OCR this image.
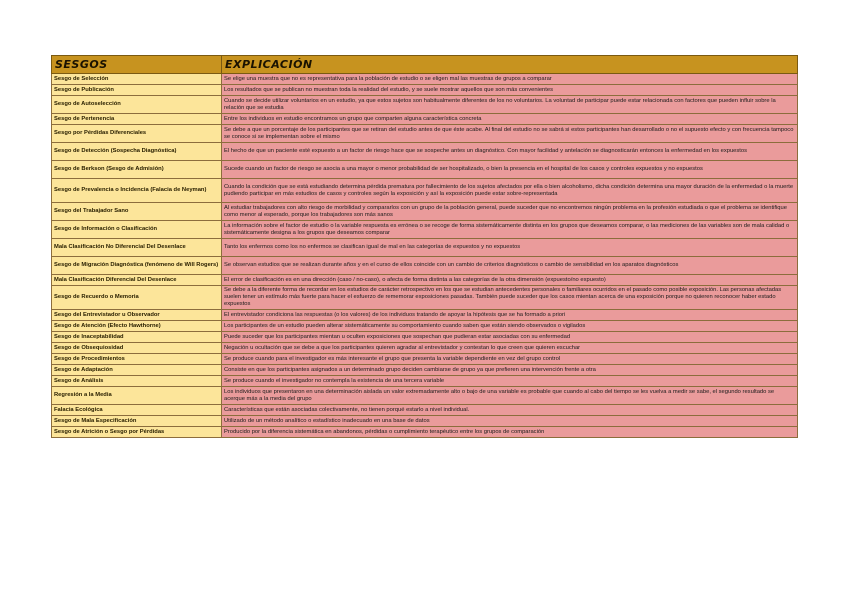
SESGOS	EXPLICACIÓN
Sesgo de Selección	Se elige una muestra que no es representativa para la población de estudio o se eligen mal las muestras de grupos a comparar
Sesgo de Publicación	Los resultados que se publican no muestran toda la realidad del estudio, y se suele mostrar aquellos que son más convenientes
Sesgo de Autoselección	Cuando se decide utilizar voluntarios en un estudio, ya que estos sujetos son habitualmente diferentes de los no voluntarios. La voluntad de participar puede estar relacionada con factores que pueden influir sobre la relación que se estudia
Sesgo de Pertenencia	Entre los individuos en estudio encontramos un grupo que comparten alguna característica concreta
Sesgo por Pérdidas Diferenciales	Se debe a que un porcentaje de los participantes que se retiran del estudio antes de que éste acabe. Al final del estudio no se sabrá si estos participantes han desarrollado o no el supuesto efecto y con frecuencia tampoco se conoce si se implementan sobre el mismo
Sesgo de Detección (Sospecha Diagnóstica)	El hecho de que un paciente esté expuesto a un factor de riesgo hace que se sospeche antes un diagnóstico. Con mayor facilidad y antelación se diagnosticarán entonces la enfermedad en los expuestos
Sesgo de Berkson (Sesgo de Admisión)	Sucede cuando un factor de riesgo se asocia a una mayor o menor probabilidad de ser hospitalizado, o bien la presencia en el hospital de los casos y controles expuestos y no expuestos
Sesgo de Prevalencia o Incidencia (Falacia de Neyman)	Cuando la condición que se está estudiando determina pérdida prematura por fallecimiento de los sujetos afectados por ella o bien alcoholismo, dicha condición determina una mayor duración de la enfermedad o la muerte pudiendo participar en más estudios de casos y controles según la exposición y así la exposición puede estar sobre-representada
Sesgo del Trabajador Sano	Al estudiar trabajadores con alto riesgo de morbilidad y compararlos con un grupo de la población general, puede suceder que no encontremos ningún problema en la profesión estudiada o que el problema se identifique como menor al esperado, porque los trabajadores son más sanos
Sesgo de Información o Clasificación	La información sobre el factor de estudio o la variable respuesta es errónea o se recoge de forma sistemáticamente distinta en los grupos que deseamos comparar, o las mediciones de las variables son de mala calidad o sistemáticamente designa a los grupos que deseamos comparar
Mala Clasificación No Diferencial Del Desenlace	Tanto los enfermos como los no enfermos se clasifican igual de mal en las categorías de expuestos y no expuestos
Sesgo de Migración Diagnóstica (fenómeno de Will Rogers)	Se observan estudios que se realizan durante años y en el curso de ellos coincide con un cambio de criterios diagnósticos o cambio de sensibilidad en los aparatos diagnósticos
Mala Clasificación Diferencial Del Desenlace	El error de clasificación es en una dirección (caso / no-caso), o afecta de forma distinta a las categorías de la otra dimensión (expuesto/no expuesto)
Sesgo de Recuerdo o Memoria	Se debe a la diferente forma de recordar en los estudios de carácter retrospectivo en los que se estudian antecedentes personales o familiares ocurridos en el pasado como posible exposición. Las personas afectadas suelen tener un estímulo más fuerte para hacer el esfuerzo de rememorar exposiciones pasadas. También puede suceder que los casos mientan acerca de una exposición porque no quieren reconocer haber estado expuestos
Sesgo del Entrevistador u Observador	El entrevistador condiciona las respuestas (o los valores) de los individuos tratando de apoyar la hipótesis que se ha formado a priori
Sesgo de Atención (Efecto Hawthorne)	Los participantes de un estudio pueden alterar sistemáticamente su comportamiento cuando saben que están siendo observados o vigilados
Sesgo de Inaceptabilidad	Puede suceder que los participantes mientan u oculten exposiciones que sospechan que pudieran estar asociadas con su enfermedad
Sesgo de Obsequiosidad	Negación u ocultación que se debe a que los participantes quieren agradar al entrevistador y contestan lo que creen que quieren escuchar
Sesgo de Procedimientos	Se produce cuando para el investigador es más interesante el grupo que presenta la variable dependiente en vez del grupo control
Sesgo de Adaptación	Consiste en que los participantes asignados a un determinado grupo deciden cambiarse de grupo ya que prefieren una intervención frente a otra
Sesgo de Análisis	Se produce cuando el investigador no contempla la existencia de una tercera variable
Regresión a la Media	Los individuos que presentaron en una determinación aislada un valor extremadamente alto o bajo de una variable es probable que cuando al cabo del tiempo se les vuelva a medir se sabe, el segundo resultado se acerque más a la media del grupo
Falacia Ecológica	Características que están asociadas colectivamente, no tienen porqué estarlo a nivel individual.
Sesgo de Mala Especificación	Utilizado de un método analítico o estadístico inadecuado en una base de datos
Sesgo de Atrición o Sesgo por Pérdidas	Producido por la diferencia sistemática en abandonos, pérdidas o cumplimiento terapéutico entre los grupos de comparación
